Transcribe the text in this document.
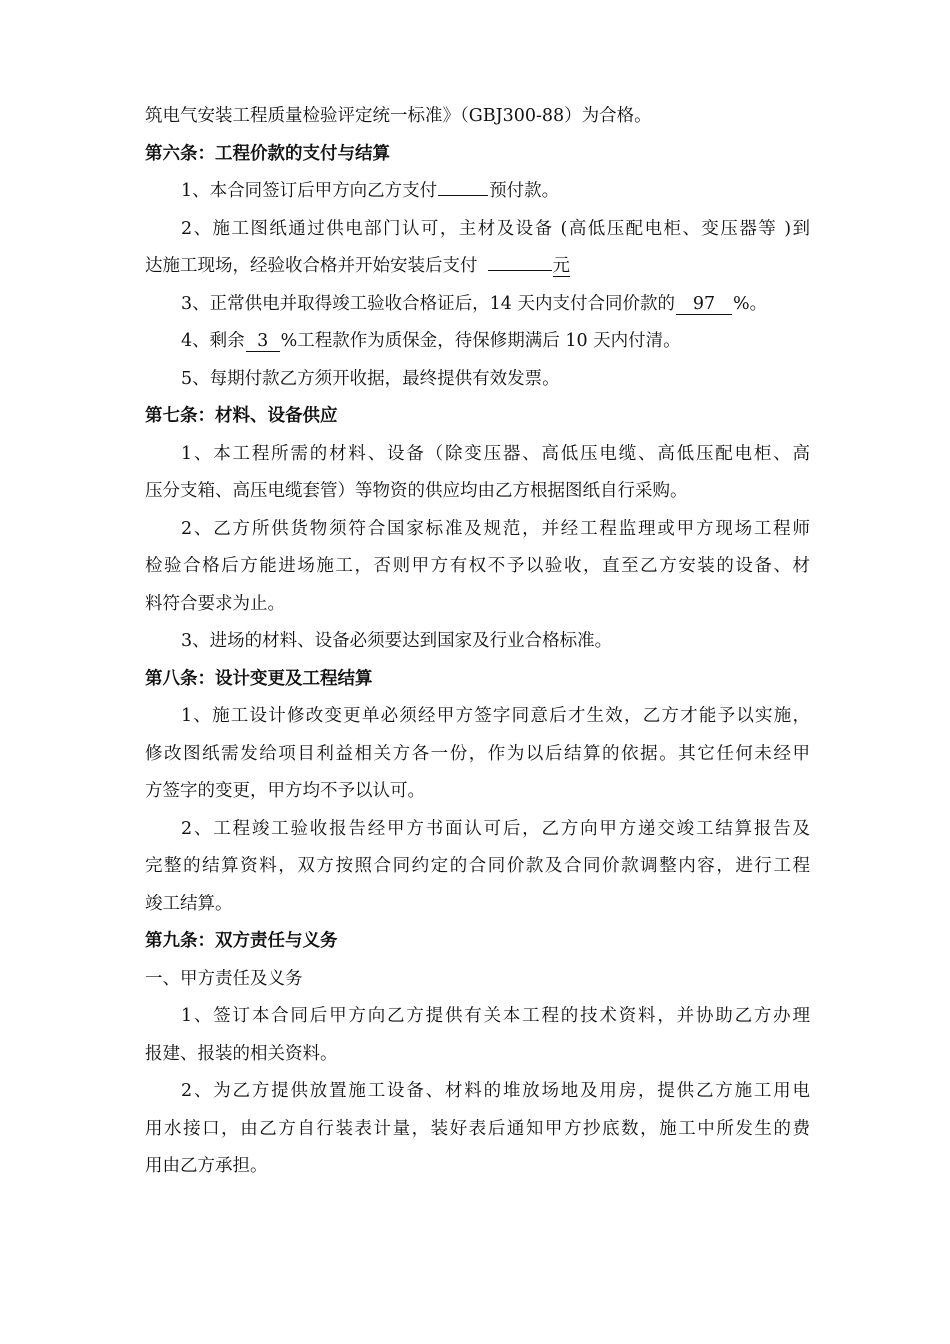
筑电气安装工程质量检验评定统一标准》（GBJ300-88）为合格。
第六条：工程价款的支付与结算
1、本合同签订后甲方向乙方支付	预付款。
2、施工图纸通过供电部门认可，主材及设备 (高低压配电柜、变压器等 )到
达施工现场，经验收合格并开始安装后支付	元
3、正常供电并取得竣工验收合格证后，14 天内支付合同价款的 97 %。
4、剩余 3 %工程款作为质保金，待保修期满后 10 天内付清。
5、每期付款乙方须开收据，最终提供有效发票。
第七条：材料、设备供应
1、本工程所需的材料、设备（除变压器、高低压电缆、高低压配电柜、高
压分支箱、高压电缆套管）等物资的供应均由乙方根据图纸自行采购。
2、乙方所供货物须符合国家标准及规范，并经工程监理或甲方现场工程师
检验合格后方能进场施工，否则甲方有权不予以验收，直至乙方安装的设备、材
料符合要求为止。
3、进场的材料、设备必须要达到国家及行业合格标准。
第八条：设计变更及工程结算
1、施工设计修改变更单必须经甲方签字同意后才生效，乙方才能予以实施，
修改图纸需发给项目利益相关方各一份，作为以后结算的依据。其它任何未经甲
方签字的变更，甲方均不予以认可。
2、工程竣工验收报告经甲方书面认可后，乙方向甲方递交竣工结算报告及
完整的结算资料，双方按照合同约定的合同价款及合同价款调整内容，进行工程
竣工结算。
第九条：双方责任与义务
一、甲方责任及义务
1、签订本合同后甲方向乙方提供有关本工程的技术资料，并协助乙方办理
报建、报装的相关资料。
2、为乙方提供放置施工设备、材料的堆放场地及用房，提供乙方施工用电
用水接口，由乙方自行装表计量，装好表后通知甲方抄底数，施工中所发生的费
用由乙方承担。
